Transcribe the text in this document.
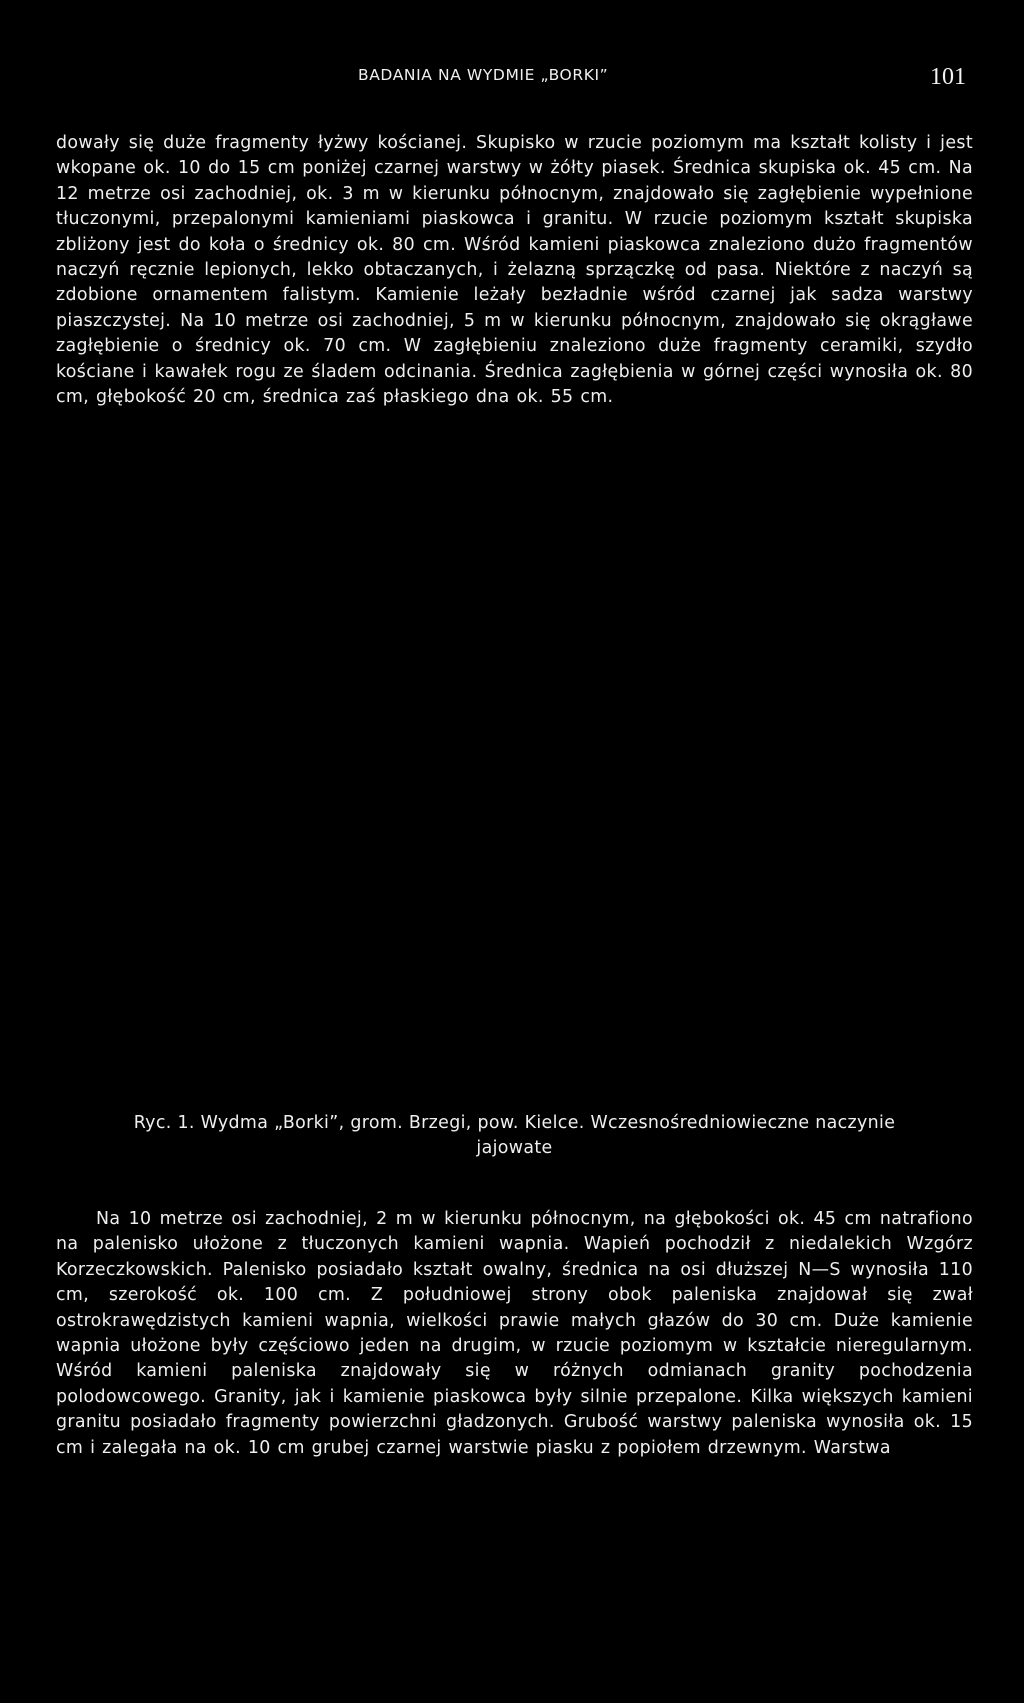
BADANIA NA WYDMIE „BORKI”	101

dowały się duże fragmenty łyżwy kościanej. Skupisko w rzucie poziomym ma kształt kolisty i jest wkopane ok. 10 do 15 cm poniżej czarnej warstwy w żółty piasek. Średnica skupiska ok. 45 cm. Na 12 metrze osi zachodniej, ok. 3 m w kierunku północnym, znajdowało się zagłębienie wypełnione tłuczonymi, przepalonymi kamieniami piaskowca i granitu. W rzucie poziomym kształt skupiska zbliżony jest do koła o średnicy ok. 80 cm. Wśród kamieni piaskowca znaleziono dużo fragmentów naczyń ręcznie lepionych, lekko obtaczanych, i żelazną sprzączkę od pasa. Niektóre z naczyń są zdobione ornamentem falistym. Kamienie leżały bezładnie wśród czarnej jak sadza warstwy piaszczystej. Na 10 metrze osi zachodniej, 5 m w kierunku północnym, znajdowało się okrągławe zagłębienie o średnicy ok. 70 cm. W zagłębieniu znaleziono duże fragmenty ceramiki, szydło kościane i kawałek rogu ze śladem odcinania. Średnica zagłębienia w górnej części wynosiła ok. 80 cm, głębokość 20 cm, średnica zaś płaskiego dna ok. 55 cm.

Ryc. 1. Wydma „Borki”, grom. Brzegi, pow. Kielce. Wczesnośredniowieczne naczynie
jajowate

Na 10 metrze osi zachodniej, 2 m w kierunku północnym, na głębokości ok. 45 cm natrafiono na palenisko ułożone z tłuczonych kamieni wapnia. Wapień pochodził z niedalekich Wzgórz Korzeczkowskich. Palenisko posiadało kształt owalny, średnica na osi dłuższej N—S wynosiła 110 cm, szerokość ok. 100 cm. Z południowej strony obok paleniska znajdował się zwał ostrokrawędzistych kamieni wapnia, wielkości prawie małych głazów do 30 cm. Duże kamienie wapnia ułożone były częściowo jeden na drugim, w rzucie poziomym w kształcie nieregularnym. Wśród kamieni paleniska znajdowały się w różnych odmianach granity pochodzenia polodowcowego. Granity, jak i kamienie piaskowca były silnie przepalone. Kilka większych kamieni granitu posiadało fragmenty powierzchni gładzonych. Grubość warstwy paleniska wynosiła ok. 15 cm i zalegała na ok. 10 cm grubej czarnej warstwie piasku z popiołem drzewnym. Warstwa
